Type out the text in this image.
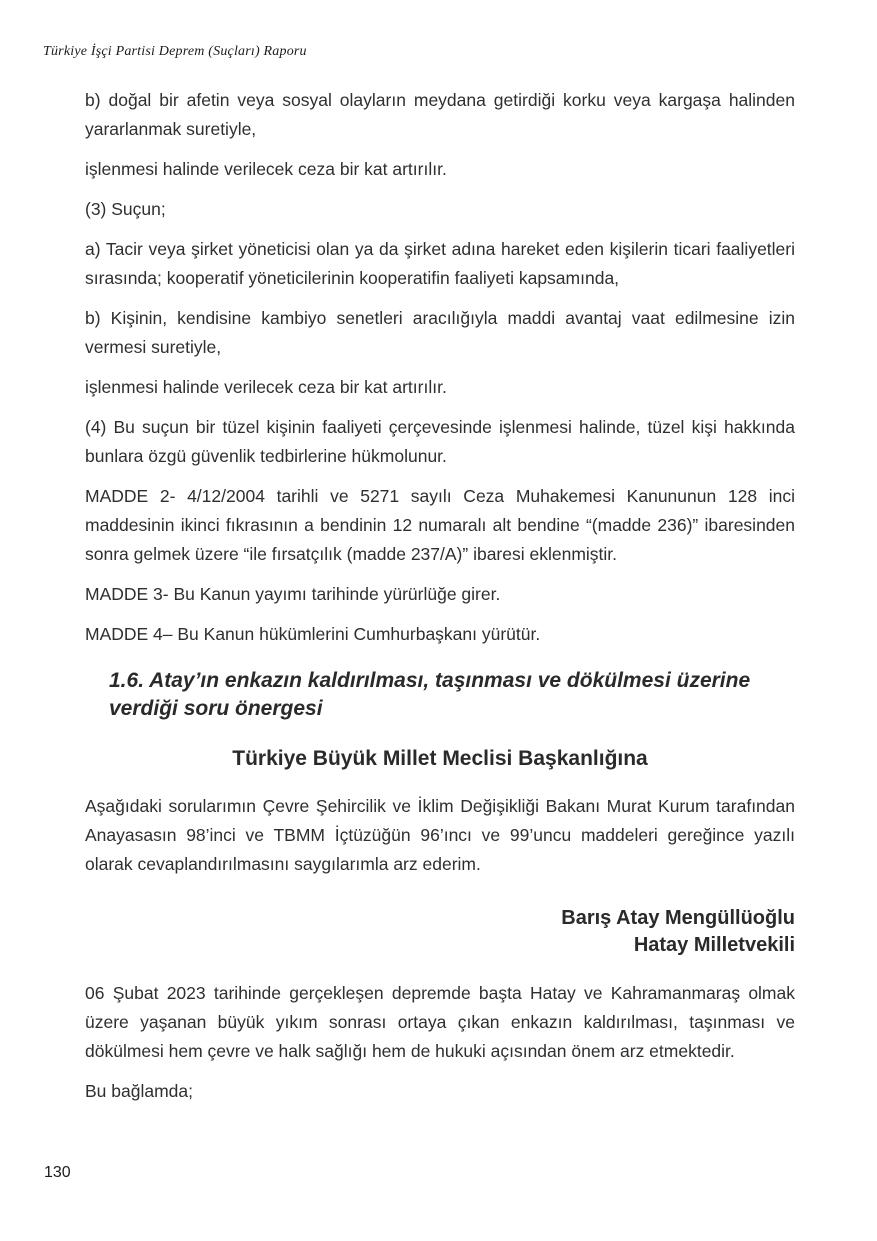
Türkiye İşçi Partisi Deprem (Suçları) Raporu

b) doğal bir afetin veya sosyal olayların meydana getirdiği korku veya kargaşa halinden yararlanmak suretiyle,

işlenmesi halinde verilecek ceza bir kat artırılır.

(3) Suçun;

a) Tacir veya şirket yöneticisi olan ya da şirket adına hareket eden kişilerin ticari faaliyetleri sırasında; kooperatif yöneticilerinin kooperatifin faaliyeti kapsamında,

b) Kişinin, kendisine kambiyo senetleri aracılığıyla maddi avantaj vaat edilmesine izin vermesi suretiyle,

işlenmesi halinde verilecek ceza bir kat artırılır.

(4) Bu suçun bir tüzel kişinin faaliyeti çerçevesinde işlenmesi halinde, tüzel kişi hakkında bunlara özgü güvenlik tedbirlerine hükmolunur.

MADDE 2- 4/12/2004 tarihli ve 5271 sayılı Ceza Muhakemesi Kanununun 128 inci maddesinin ikinci fıkrasının a bendinin 12 numaralı alt bendine “(madde 236)” ibaresinden sonra gelmek üzere “ile fırsatçılık (madde 237/A)” ibaresi eklenmiştir.

MADDE 3- Bu Kanun yayımı tarihinde yürürlüğe girer.

MADDE 4– Bu Kanun hükümlerini Cumhurbaşkanı yürütür.

1.6. Atay’ın enkazın kaldırılması, taşınması ve dökülmesi üzerine verdiği soru önergesi
Türkiye Büyük Millet Meclisi Başkanlığına

Aşağıdaki sorularımın Çevre Şehircilik ve İklim Değişikliği Bakanı Murat Kurum tarafından Anayasasın 98’inci ve TBMM İçtüzüğün 96’ıncı ve 99’uncu maddeleri gereğince yazılı olarak cevaplandırılmasını saygılarımla arz ederim.

Barış Atay Mengüllüoğlu
Hatay Milletvekili

06 Şubat 2023 tarihinde gerçekleşen depremde başta Hatay ve Kahramanmaraş olmak üzere yaşanan büyük yıkım sonrası ortaya çıkan enkazın kaldırılması, taşınması ve dökülmesi hem çevre ve halk sağlığı hem de hukuki açısından önem arz etmektedir.

Bu bağlamda;

130
